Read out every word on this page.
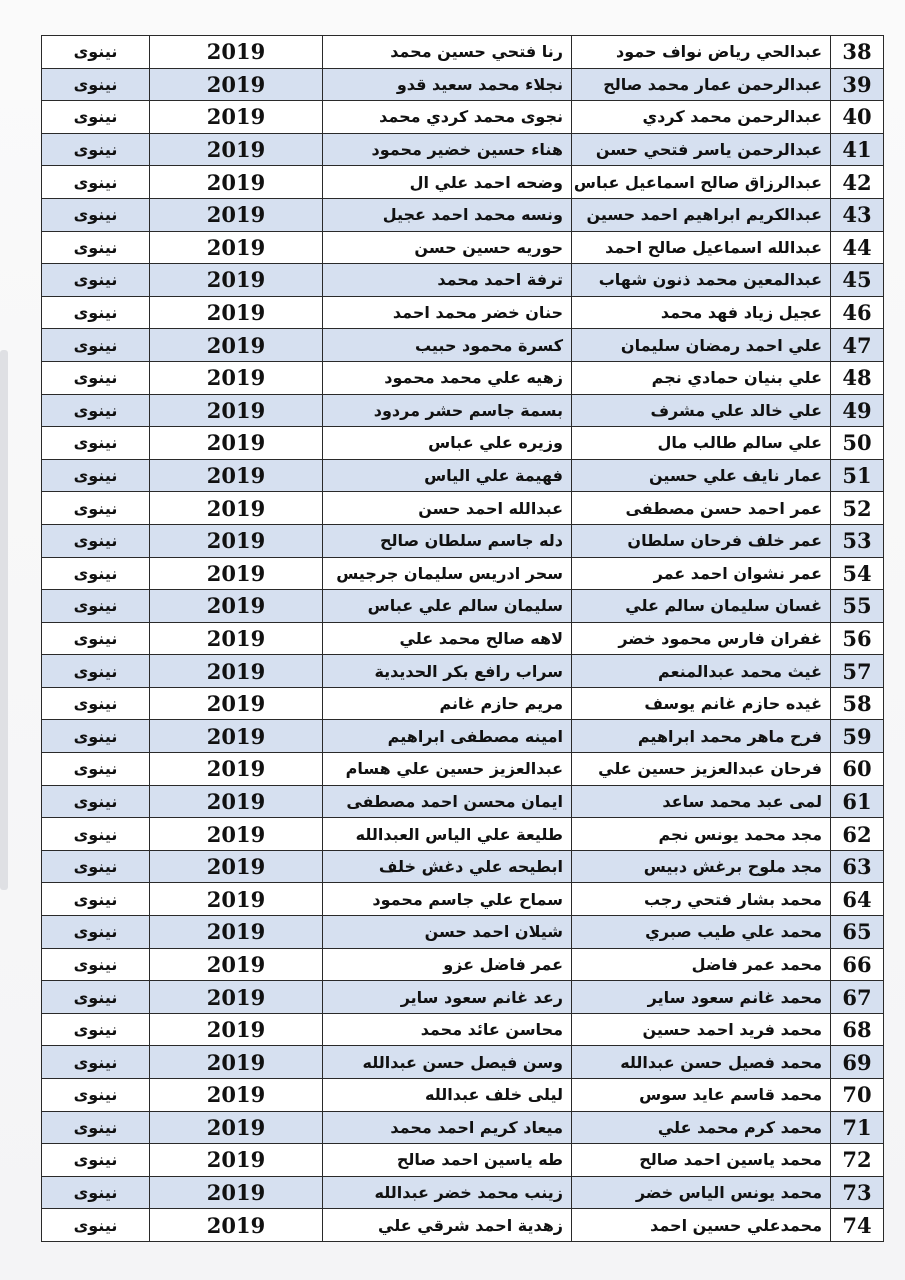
38	عبدالحي رياض نواف حمود	رنا فتحي حسين محمد	2019	نينوى
39	عبدالرحمن عمار محمد صالح	نجلاء محمد سعيد قدو	2019	نينوى
40	عبدالرحمن محمد كردي	نجوى محمد كردي محمد	2019	نينوى
41	عبدالرحمن ياسر فتحي حسن	هناء حسين خضير محمود	2019	نينوى
42	عبدالرزاق صالح اسماعيل عباس	وضحه احمد علي ال	2019	نينوى
43	عبدالكريم ابراهيم احمد حسين	ونسه محمد احمد عجيل	2019	نينوى
44	عبدالله اسماعيل صالح احمد	حوريه حسين حسن	2019	نينوى
45	عبدالمعين محمد ذنون شهاب	ترفة احمد محمد	2019	نينوى
46	عجيل زياد فهد محمد	حنان خضر محمد احمد	2019	نينوى
47	علي احمد رمضان سليمان	كسرة محمود حبيب	2019	نينوى
48	علي بنيان حمادي نجم	زهيه علي محمد محمود	2019	نينوى
49	علي خالد علي مشرف	بسمة جاسم حشر مردود	2019	نينوى
50	علي سالم طالب مال	وزيره علي عباس	2019	نينوى
51	عمار نايف علي حسين	فهيمة علي الياس	2019	نينوى
52	عمر احمد حسن مصطفى	عبدالله احمد حسن	2019	نينوى
53	عمر خلف فرحان سلطان	دله جاسم سلطان صالح	2019	نينوى
54	عمر نشوان احمد عمر	سحر ادريس سليمان جرجيس	2019	نينوى
55	غسان سليمان سالم علي	سليمان سالم علي عباس	2019	نينوى
56	غفران فارس محمود خضر	لاهه صالح محمد علي	2019	نينوى
57	غيث محمد عبدالمنعم	سراب رافع بكر الحديدية	2019	نينوى
58	غيده حازم غانم يوسف	مريم حازم غانم	2019	نينوى
59	فرح ماهر محمد ابراهيم	امينه مصطفى ابراهيم	2019	نينوى
60	فرحان عبدالعزيز حسين علي	عبدالعزيز حسين علي هسام	2019	نينوى
61	لمى عبد محمد ساعد	ايمان محسن احمد مصطفى	2019	نينوى
62	مجد محمد يونس نجم	طليعة علي الياس العبدالله	2019	نينوى
63	مجد ملوح برغش دبيس	ابطيحه علي دغش خلف	2019	نينوى
64	محمد بشار فتحي رجب	سماح علي جاسم محمود	2019	نينوى
65	محمد علي طيب صبري	شيلان احمد حسن	2019	نينوى
66	محمد عمر فاضل	عمر فاضل عزو	2019	نينوى
67	محمد غانم سعود ساير	رعد غانم سعود ساير	2019	نينوى
68	محمد فريد احمد حسين	محاسن عائد محمد	2019	نينوى
69	محمد فصيل حسن عبدالله	وسن فيصل حسن عبدالله	2019	نينوى
70	محمد قاسم عايد سوس	ليلى خلف عبدالله	2019	نينوى
71	محمد كرم محمد علي	ميعاد كريم احمد محمد	2019	نينوى
72	محمد ياسين احمد صالح	طه ياسين احمد صالح	2019	نينوى
73	محمد يونس الياس خضر	زينب محمد خضر عبدالله	2019	نينوى
74	محمدعلي حسين احمد	زهدية احمد شرقي علي	2019	نينوى
